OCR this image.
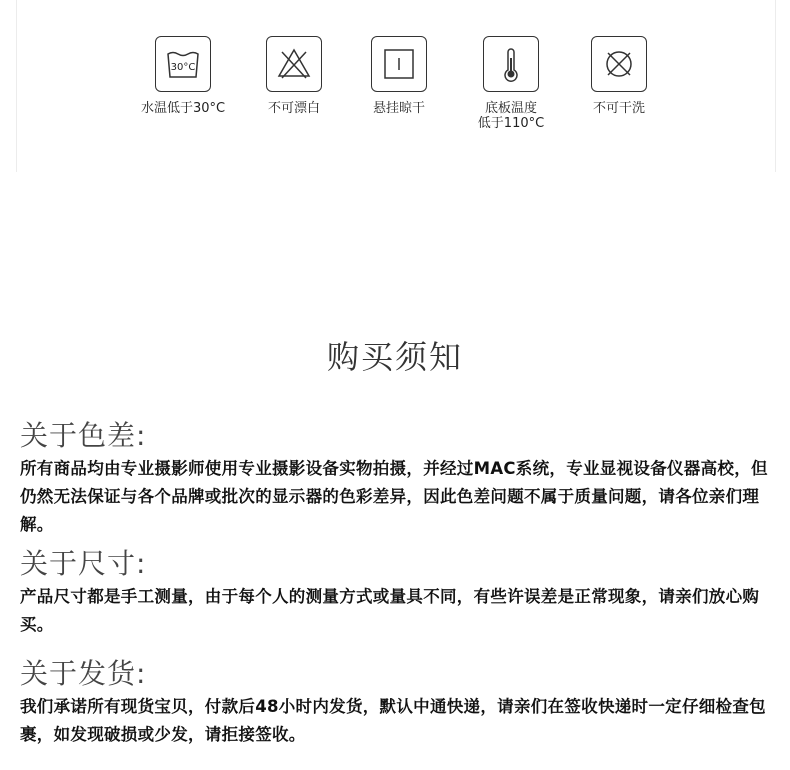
30°C
水温低于30°C	不可漂白	悬挂晾干	底板温度
低于110°C
不可干洗
购买须知
关于色差:

所有商品均由专业摄影师使用专业摄影设备实物拍摄，并经过MAC系统，专业显视设备仪器高校，但仍然无法保证与各个品牌或批次的显示器的色彩差异，因此色差问题不属于质量问题，请各位亲们理解。

关于尺寸:

产品尺寸都是手工测量，由于每个人的测量方式或量具不同，有些许误差是正常现象，请亲们放心购买。

关于发货:

我们承诺所有现货宝贝，付款后48小时内发货，默认中通快递，请亲们在签收快递时一定仔细检查包裹，如发现破损或少发，请拒接签收。
